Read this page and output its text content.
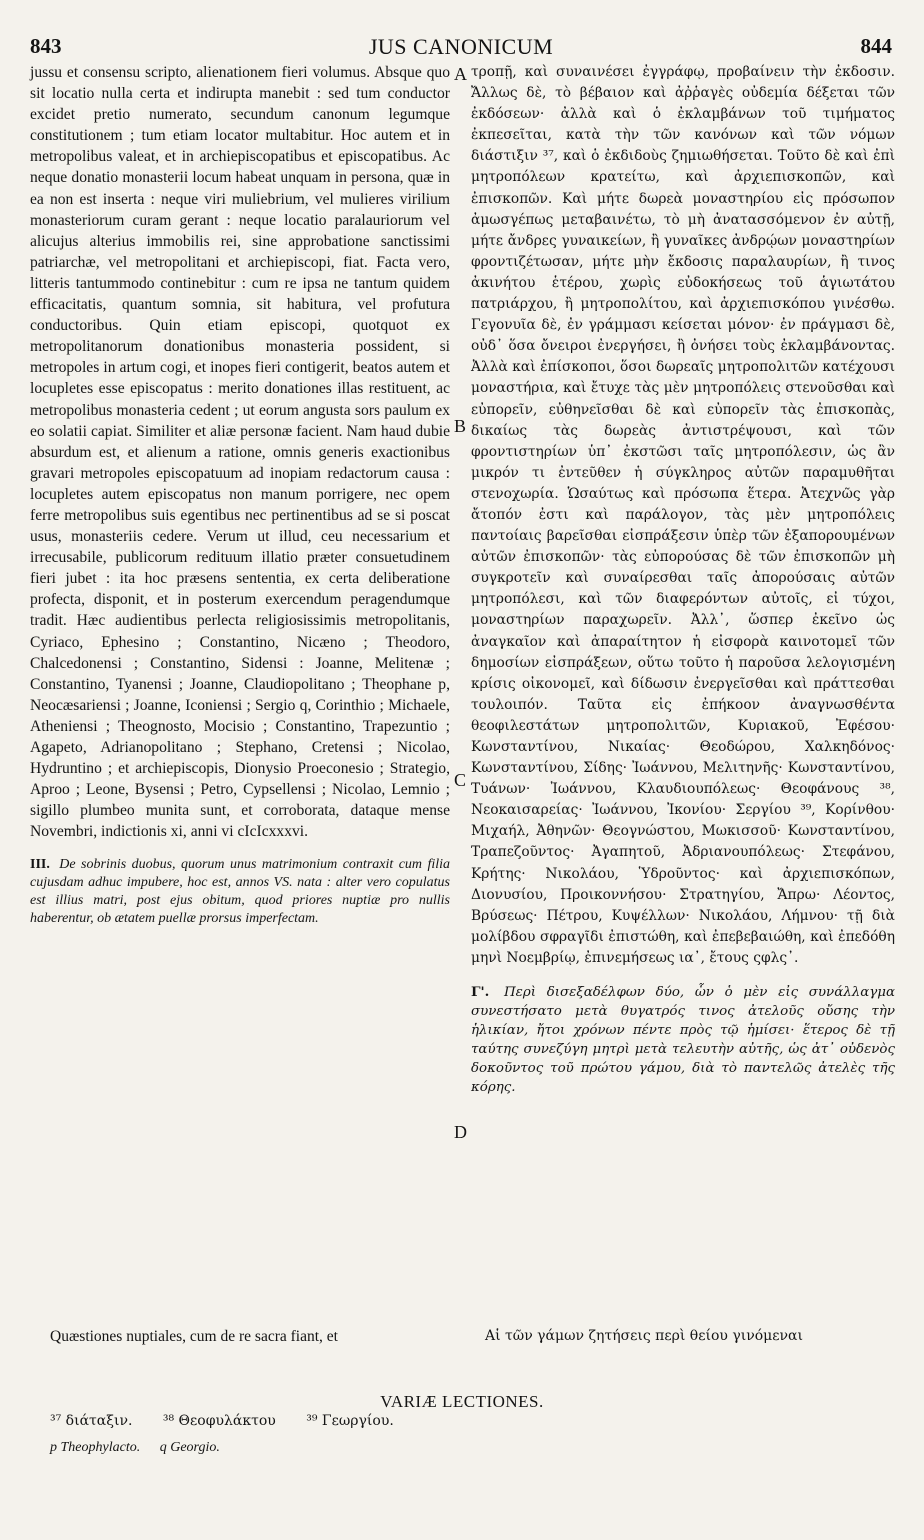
843	JUS CANONICUM	844

jussu et consensu scripto, alienationem fieri volumus. Absque quo sit locatio nulla certa et indirupta manebit : sed tum conductor excidet pretio numerato, secundum canonum legumque constitutionem ; tum etiam locator multabitur. Hoc autem et in metropolibus valeat, et in archiepiscopatibus et episcopatibus. Ac neque donatio monasterii locum habeat unquam in persona, quæ in ea non est inserta : neque viri muliebrium, vel mulieres virilium monasteriorum curam gerant : neque locatio paralauriorum vel alicujus alterius immobilis rei, sine approbatione sanctissimi patriarchæ, vel metropolitani et archiepiscopi, fiat. Facta vero, litteris tantummodo continebitur : cum re ipsa ne tantum quidem efficacitatis, quantum somnia, sit habitura, vel profutura conductoribus. Quin etiam episcopi, quotquot ex metropolitanorum donationibus monasteria possident, si metropoles in artum cogi, et inopes fieri contigerit, beatos autem et locupletes esse episcopatus : merito donationes illas restituent, ac metropolibus monasteria cedent ; ut eorum angusta sors paulum ex eo solatii capiat. Similiter et aliæ personæ facient. Nam haud dubie absurdum est, et alienum a ratione, omnis generis exactionibus gravari metropoles episcopatuum ad inopiam redactorum causa : locupletes autem episcopatus non manum porrigere, nec opem ferre metropolibus suis egentibus nec pertinentibus ad se si poscat usus, monasteriis cedere. Verum ut illud, ceu necessarium et irrecusabile, publicorum redituum illatio præter consuetudinem fieri jubet : ita hoc præsens sententia, ex certa deliberatione profecta, disponit, et in posterum exercendum peragendumque tradit. Hæc audientibus perlecta religiosissimis metropolitanis, Cyriaco, Ephesino ; Constantino, Nicæno ; Theodoro, Chalcedonensi ; Constantino, Sidensi : Joanne, Melitenæ ; Constantino, Tyanensi ; Joanne, Claudiopolitano ; Theophane p, Neocæsariensi ; Joanne, Iconiensi ; Sergio q, Corinthio ; Michaele, Atheniensi ; Theognosto, Mocisio ; Constantino, Trapezuntio ; Agapeto, Adrianopolitano ; Stephano, Cretensi ; Nicolao, Hydruntino ; et archiepiscopis, Dionysio Proeconesio ; Strategio, Aproo ; Leone, Bysensi ; Petro, Cypsellensi ; Nicolao, Lemnio ; sigillo plumbeo munita sunt, et corroborata, dataque mense Novembri, indictionis xi, anni vi cIcIcxxxvi.

III. De sobrinis duobus, quorum unus matrimonium contraxit cum filia cujusdam adhuc impubere, hoc est, annos VS. nata : alter vero copulatus est illius matri, post ejus obitum, quod priores nuptiæ pro nullis haberentur, ob ætatem puellæ prorsus imperfectam.

τροπῇ, καὶ συναινέσει ἐγγράφῳ, προβαίνειν τὴν ἐκδοσιν. Ἄλλως δὲ, τὸ βέβαιον καὶ ἀῤῥαγὲς οὐδεμία δέξεται τῶν ἐκδόσεων· ἀλλὰ καὶ ὁ ἐκλαμβάνων τοῦ τιμήματος ἐκπεσεῖται, κατὰ τὴν τῶν κανόνων καὶ τῶν νόμων διάστιξιν ³⁷, καὶ ὁ ἐκδιδοὺς ζημιωθήσεται. Τοῦτο δὲ καὶ ἐπὶ μητροπόλεων κρατείτω, καὶ ἀρχιεπισκοπῶν, καὶ ἐπισκοπῶν. Καὶ μήτε δωρεὰ μοναστηρίου εἰς πρόσωπον ἀμωσγέπως μεταβαινέτω, τὸ μὴ ἀνατασσόμενον ἐν αὐτῇ, μήτε ἄνδρες γυναικείων, ἢ γυναῖκες ἀνδρῴων μοναστηρίων φροντιζέτωσαν, μήτε μὴν ἔκδοσις παραλαυρίων, ἢ τινος ἀκινήτου ἑτέρου, χωρὶς εὐδοκήσεως τοῦ ἁγιωτάτου πατριάρχου, ἢ μητροπολίτου, καὶ ἀρχιεπισκόπου γινέσθω. Γεγονυῖα δὲ, ἐν γράμμασι κείσεται μόνον· ἐν πράγμασι δὲ, οὐδ᾽ ὅσα ὄνειροι ἐνεργήσει, ἢ ὀνήσει τοὺς ἐκλαμβάνοντας. Ἀλλὰ καὶ ἐπίσκοποι, ὅσοι δωρεαῖς μητροπολιτῶν κατέχουσι μοναστήρια, καὶ ἔτυχε τὰς μὲν μητροπόλεις στενοῦσθαι καὶ εὐπορεῖν, εὐθηνεῖσθαι δὲ καὶ εὐπορεῖν τὰς ἐπισκοπὰς, δικαίως τὰς δωρεὰς ἀντιστρέψουσι, καὶ τῶν φροντιστηρίων ὑπ᾽ ἐκστῶσι ταῖς μητροπόλεσιν, ὡς ἂν μικρόν τι ἐντεῦθεν ἡ σύγκληρος αὐτῶν παραμυθῆται στενοχωρία. Ὡσαύτως καὶ πρόσωπα ἕτερα. Ἀτεχνῶς γὰρ ἄτοπόν ἐστι καὶ παράλογον, τὰς μὲν μητροπόλεις παντοίαις βαρεῖσθαι εἰσπράξεσιν ὑπὲρ τῶν ἐξαπορουμένων αὐτῶν ἐπισκοπῶν· τὰς εὐπορούσας δὲ τῶν ἐπισκοπῶν μὴ συγκροτεῖν καὶ συναίρεσθαι ταῖς ἀπορούσαις αὐτῶν μητροπόλεσι, καὶ τῶν διαφερόντων αὐτοῖς, εἰ τύχοι, μοναστηρίων παραχωρεῖν. Ἀλλ᾽, ὥσπερ ἐκεῖνο ὡς ἀναγκαῖον καὶ ἀπαραίτητον ἡ εἰσφορὰ καινοτομεῖ τῶν δημοσίων εἰσπράξεων, οὕτω τοῦτο ἡ παροῦσα λελογισμένη κρίσις οἰκονομεῖ, καὶ δίδωσιν ἐνεργεῖσθαι καὶ πράττεσθαι τουλοιπόν. Ταῦτα εἰς ἐπήκοον ἀναγνωσθέντα θεοφιλεστάτων μητροπολιτῶν, Κυριακοῦ, Ἐφέσου· Κωνσταντίνου, Νικαίας· Θεοδώρου, Χαλκηδόνος· Κωνσταντίνου, Σίδης· Ἰωάννου, Μελιτηνῆς· Κωνσταντίνου, Τυάνων· Ἰωάννου, Κλαυδιουπόλεως· Θεοφάνους ³⁸, Νεοκαισαρείας· Ἰωάννου, Ἰκονίου· Σεργίου ³⁹, Κορίνθου· Μιχαήλ, Ἀθηνῶν· Θεογνώστου, Μωκισσοῦ· Κωνσταντίνου, Τραπεζοῦντος· Ἀγαπητοῦ, Ἀδριανουπόλεως· Στεφάνου, Κρήτης· Νικολάου, Ὑδροῦντος· καὶ ἀρχιεπισκόπων, Διονυσίου, Προικοννήσου· Στρατηγίου, Ἄπρω· Λέοντος, Βρύσεως· Πέτρου, Κυψέλλων· Νικολάου, Λήμνου· τῇ διὰ μολίβδου σφραγῖδι ἐπιστώθη, καὶ ἐπεβεβαιώθη, καὶ ἐπεδόθη μηνὶ Νοεμβρίῳ, ἐπινεμήσεως ια᾽, ἔτους ςφλς᾽.

Γ'. Περὶ δισεξαδέλφων δύο, ὧν ὁ μὲν εἰς συνάλλαγμα συνεστήσατο μετὰ θυγατρός τινος ἀτελοῦς οὔσης τὴν ἡλικίαν, ἤτοι χρόνων πέντε πρὸς τῷ ἡμίσει· ἕτερος δὲ τῇ ταύτης συνεζύγη μητρὶ μετὰ τελευτὴν αὐτῆς, ὡς ἀτ᾽ οὐδενὸς δοκοῦντος τοῦ πρώτου γάμου, διὰ τὸ παντελῶς ἀτελὲς τῆς κόρης.
A
B
C
D
Quæstiones nuptiales, cum de re sacra fiant, et	Αἱ τῶν γάμων ζητήσεις περὶ θείου γινόμεναι
VARIÆ LECTIONES.
³⁷ διάταξιν. ³⁸ Θεοφυλάκτου ³⁹ Γεωργίου.
p Theophylacto. q Georgio.
